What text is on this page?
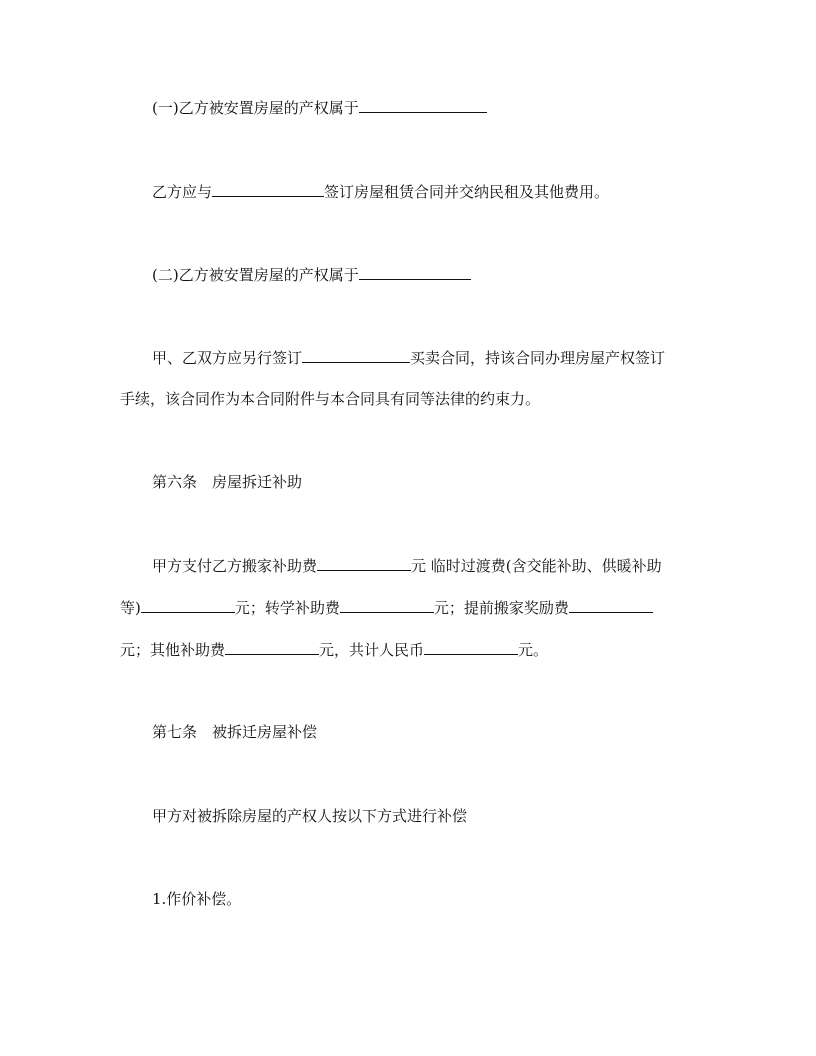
(一)乙方被安置房屋的产权属于
乙方应与	签订房屋租赁合同并交纳民租及其他费用。
(二)乙方被安置房屋的产权属于
甲、乙双方应另行签订	买卖合同，持该合同办理房屋产权签订
手续，该合同作为本合同附件与本合同具有同等法律的约束力。
第六条　房屋拆迁补助
甲方支付乙方搬家补助费	元 临时过渡费(含交能补助、供暖补助
等)	元；转学补助费	元；提前搬家奖励费
元；其他补助费	元，共计人民币	元。
第七条　被拆迁房屋补偿
甲方对被拆除房屋的产权人按以下方式进行补偿
1.作价补偿。
